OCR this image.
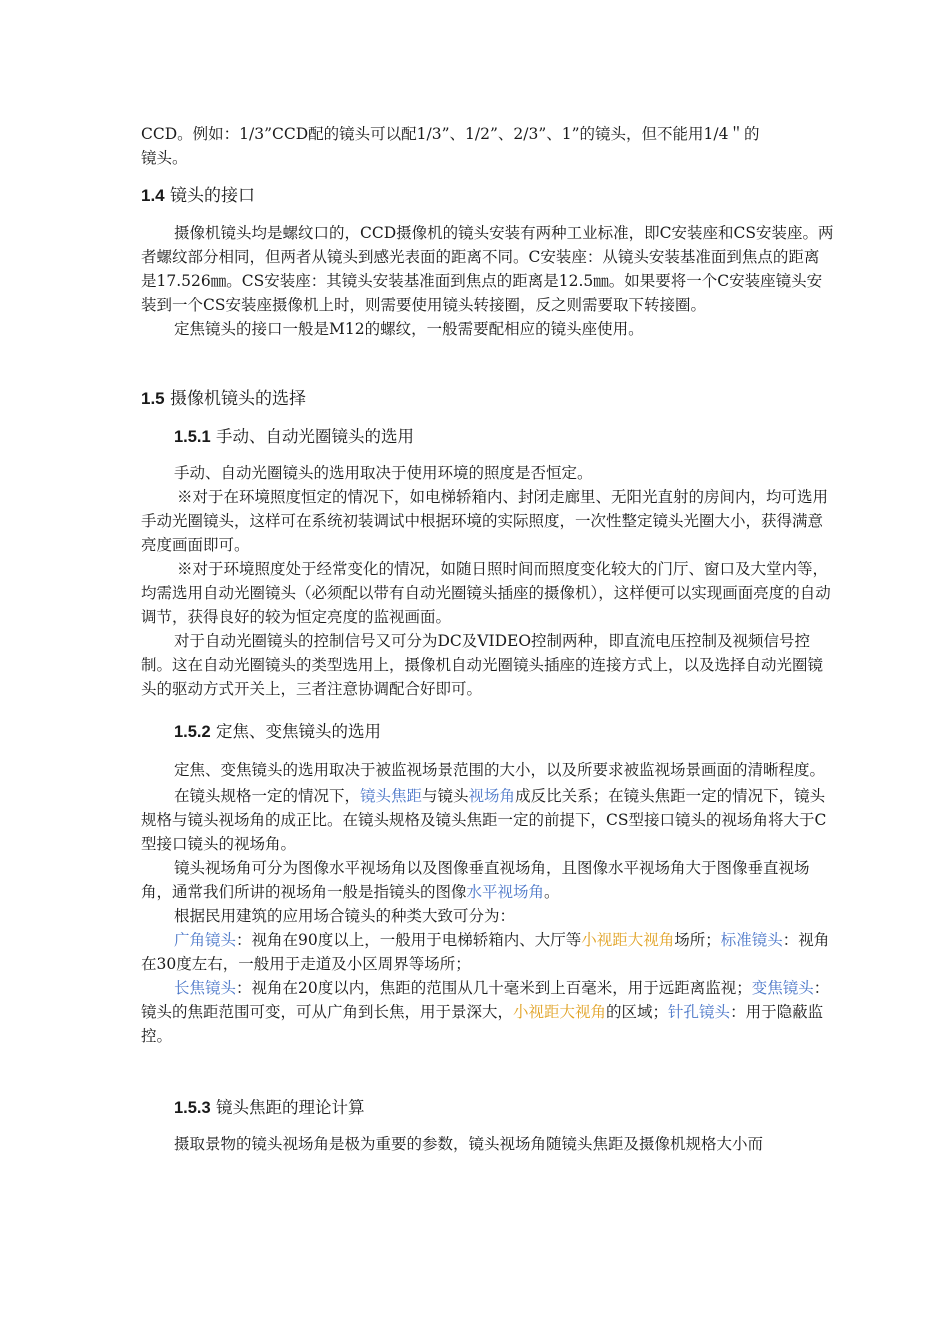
CCD。例如：1/3”CCD配的镜头可以配1/3”、1/2”、2/3”、1”的镜头，但不能用1/4＂的

镜头。

1.4 镜头的接口

摄像机镜头均是螺纹口的，CCD摄像机的镜头安装有两种工业标准，即C安装座和CS安装座。两者螺纹部分相同，但两者从镜头到感光表面的距离不同。C安装座：从镜头安装基准面到焦点的距离是17.526㎜。CS安装座：其镜头安装基准面到焦点的距离是12.5㎜。如果要将一个C安装座镜头安装到一个CS安装座摄像机上时，则需要使用镜头转接圈，反之则需要取下转接圈。

定焦镜头的接口一般是M12的螺纹，一般需要配相应的镜头座使用。

1.5 摄像机镜头的选择
1.5.1 手动、自动光圈镜头的选用

手动、自动光圈镜头的选用取决于使用环境的照度是否恒定。

※对于在环境照度恒定的情况下，如电梯轿箱内、封闭走廊里、无阳光直射的房间内，均可选用手动光圈镜头，这样可在系统初装调试中根据环境的实际照度，一次性整定镜头光圈大小，获得满意亮度画面即可。

※对于环境照度处于经常变化的情况，如随日照时间而照度变化较大的门厅、窗口及大堂内等，均需选用自动光圈镜头（必须配以带有自动光圈镜头插座的摄像机），这样便可以实现画面亮度的自动调节，获得良好的较为恒定亮度的监视画面。

对于自动光圈镜头的控制信号又可分为DC及VIDEO控制两种，即直流电压控制及视频信号控制。这在自动光圈镜头的类型选用上，摄像机自动光圈镜头插座的连接方式上，以及选择自动光圈镜头的驱动方式开关上，三者注意协调配合好即可。

1.5.2 定焦、变焦镜头的选用

定焦、变焦镜头的选用取决于被监视场景范围的大小，以及所要求被监视场景画面的清晰程度。

在镜头规格一定的情况下，镜头焦距与镜头视场角成反比关系；在镜头焦距一定的情况下，镜头规格与镜头视场角的成正比。在镜头规格及镜头焦距一定的前提下，CS型接口镜头的视场角将大于C型接口镜头的视场角。

镜头视场角可分为图像水平视场角以及图像垂直视场角，且图像水平视场角大于图像垂直视场角，通常我们所讲的视场角一般是指镜头的图像水平视场角。

根据民用建筑的应用场合镜头的种类大致可分为：

广角镜头：视角在90度以上，一般用于电梯轿箱内、大厅等小视距大视角场所；标准镜头：视角在30度左右，一般用于走道及小区周界等场所；

长焦镜头：视角在20度以内，焦距的范围从几十毫米到上百毫米，用于远距离监视；变焦镜头：镜头的焦距范围可变，可从广角到长焦，用于景深大，小视距大视角的区域；针孔镜头：用于隐蔽监控。

1.5.3 镜头焦距的理论计算

摄取景物的镜头视场角是极为重要的参数，镜头视场角随镜头焦距及摄像机规格大小而
